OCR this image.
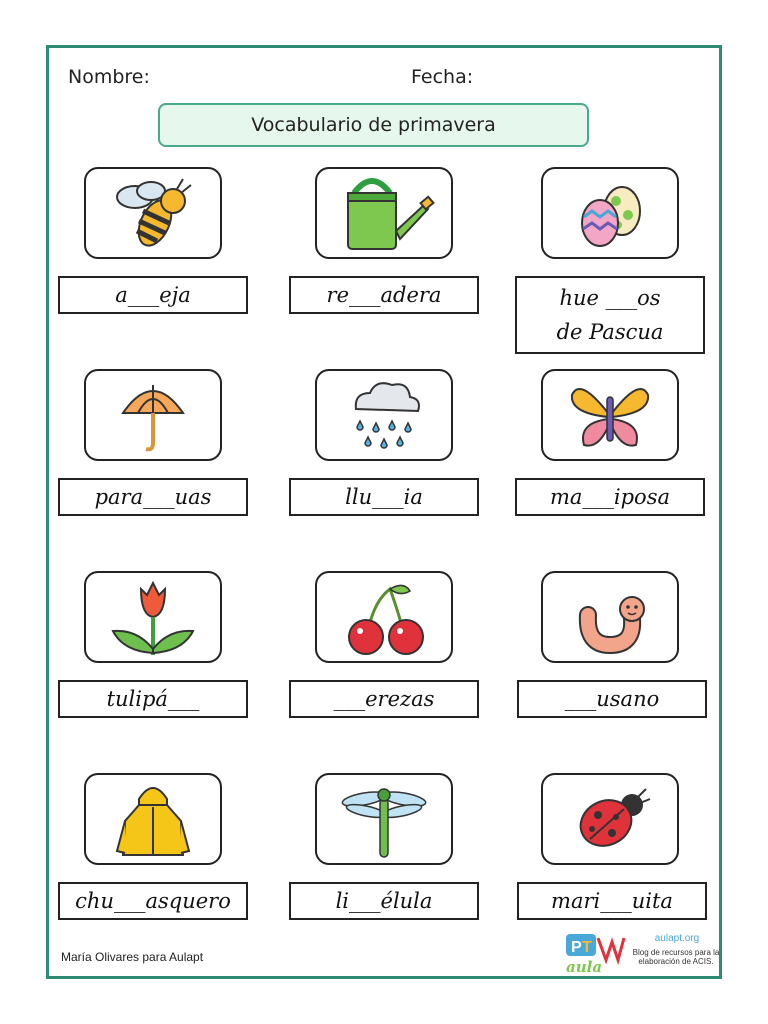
Nombre:	Fecha:
Vocabulario de primavera
a___eja	re___adera	hue ___os
de Pascua
para___uas	llu___ia	ma___iposa
tulipá___	___erezas	___usano
chu___asquero	li___élula	mari___uita
María Olivares para Aulapt
P T
aula
aulapt.org
Blog de recursos para la
elaboración de ACIS.
